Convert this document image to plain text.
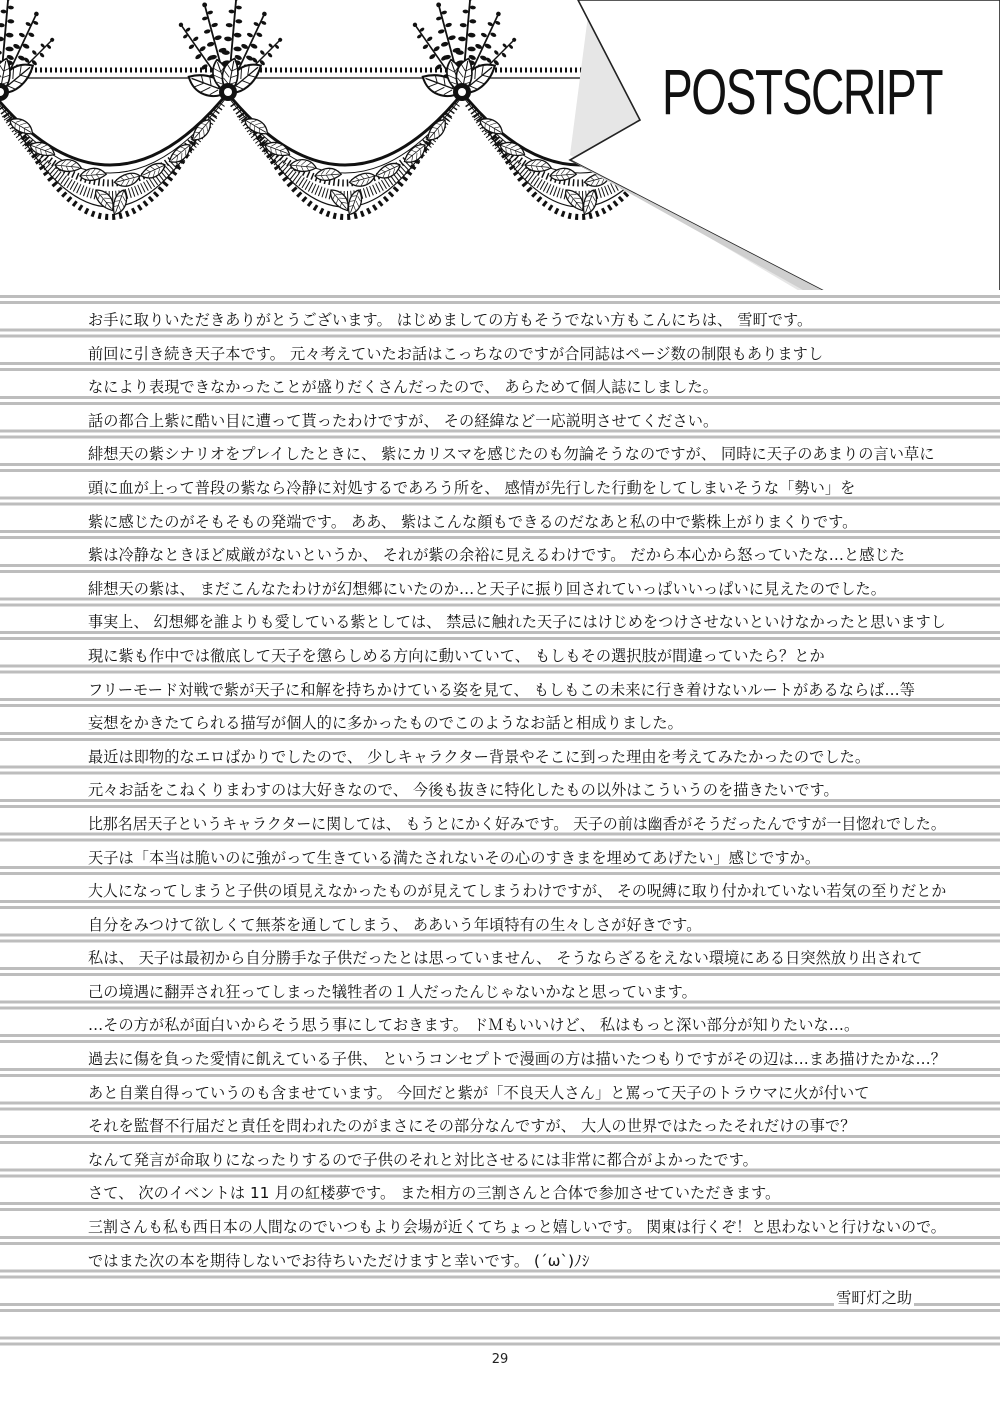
POSTSCRIPT
お手に取りいただきありがとうございます。 はじめましての方もそうでない方もこんにちは、 雪町です。
前回に引き続き天子本です。 元々考えていたお話はこっちなのですが合同誌はページ数の制限もありますし
なにより表現できなかったことが盛りだくさんだったので、 あらためて個人誌にしました。
話の都合上紫に酷い目に遭って貰ったわけですが、 その経緯など一応説明させてください。
緋想天の紫シナリオをプレイしたときに、 紫にカリスマを感じたのも勿論そうなのですが、 同時に天子のあまりの言い草に
頭に血が上って普段の紫なら冷静に対処するであろう所を、 感情が先行した行動をしてしまいそうな「勢い」を
紫に感じたのがそもそもの発端です。 ああ、 紫はこんな顔もできるのだなあと私の中で紫株上がりまくりです。
紫は冷静なときほど威厳がないというか、 それが紫の余裕に見えるわけです。 だから本心から怒っていたな…と感じた
緋想天の紫は、 まだこんなたわけが幻想郷にいたのか…と天子に振り回されていっぱいいっぱいに見えたのでした。
事実上、 幻想郷を誰よりも愛している紫としては、 禁忌に触れた天子にはけじめをつけさせないといけなかったと思いますし
現に紫も作中では徹底して天子を懲らしめる方向に動いていて、 もしもその選択肢が間違っていたら？とか
フリーモード対戦で紫が天子に和解を持ちかけている姿を見て、 もしもこの未来に行き着けないルートがあるならば…等
妄想をかきたてられる描写が個人的に多かったものでこのようなお話と相成りました。
最近は即物的なエロばかりでしたので、 少しキャラクター背景やそこに到った理由を考えてみたかったのでした。
元々お話をこねくりまわすのは大好きなので、 今後も抜きに特化したもの以外はこういうのを描きたいです。
比那名居天子というキャラクターに関しては、 もうとにかく好みです。 天子の前は幽香がそうだったんですが一目惚れでした。
天子は「本当は脆いのに強がって生きている満たされないその心のすきまを埋めてあげたい」感じですか。
大人になってしまうと子供の頃見えなかったものが見えてしまうわけですが、 その呪縛に取り付かれていない若気の至りだとか
自分をみつけて欲しくて無茶を通してしまう、 ああいう年頃特有の生々しさが好きです。
私は、 天子は最初から自分勝手な子供だったとは思っていません、 そうならざるをえない環境にある日突然放り出されて
己の境遇に翻弄され狂ってしまった犠牲者の１人だったんじゃないかなと思っています。
…その方が私が面白いからそう思う事にしておきます。 ドＭもいいけど、 私はもっと深い部分が知りたいな…。
過去に傷を負った愛情に飢えている子供、 というコンセプトで漫画の方は描いたつもりですがその辺は…まあ描けたかな…？
あと自業自得っていうのも含ませています。 今回だと紫が「不良天人さん」と罵って天子のトラウマに火が付いて
それを監督不行届だと責任を問われたのがまさにその部分なんですが、 大人の世界ではたったそれだけの事で？
なんて発言が命取りになったりするので子供のそれと対比させるには非常に都合がよかったです。
さて、 次のイベントは 11 月の紅楼夢です。 また相方の三割さんと合体で参加させていただきます。
三割さんも私も西日本の人間なのでいつもより会場が近くてちょっと嬉しいです。 関東は行くぞ！と思わないと行けないので。
ではまた次の本を期待しないでお待ちいただけますと幸いです。 (´ω`)ﾉｼ
雪町灯之助
29
